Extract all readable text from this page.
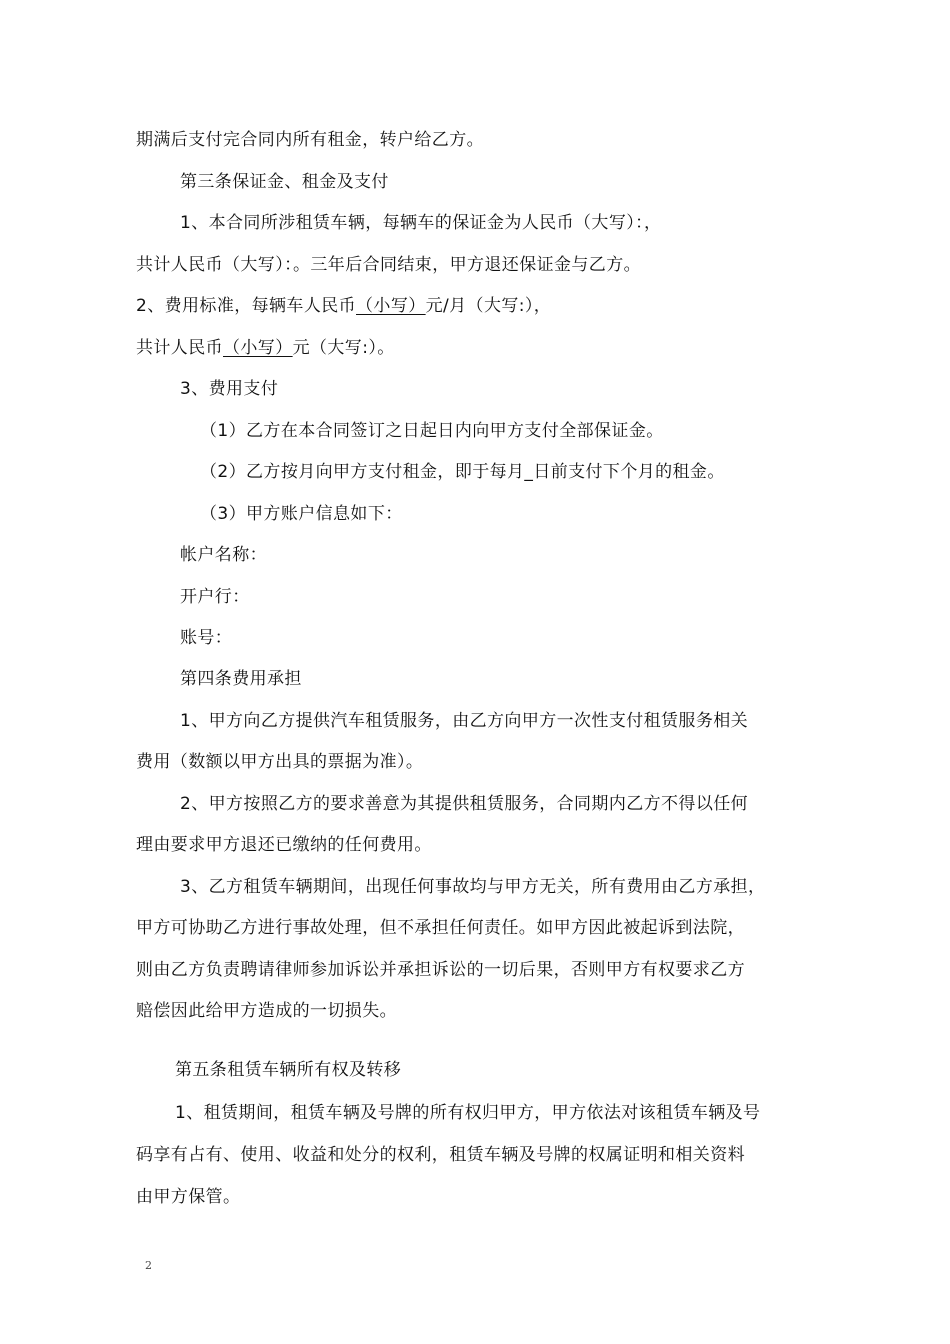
期满后支付完合同内所有租金，转户给乙方。
第三条保证金、租金及支付
1、本合同所涉租赁车辆，每辆车的保证金为人民币（大写）：，
共计人民币（大写）：。三年后合同结束，甲方退还保证金与乙方。
2、费用标准，每辆车人民币（小写）元/月（大写:），
共计人民币（小写）元（大写:）。
3、费用支付
（1）乙方在本合同签订之日起日内向甲方支付全部保证金。
（2）乙方按月向甲方支付租金，即于每月_日前支付下个月的租金。
（3）甲方账户信息如下：
帐户名称：
开户行：
账号：
第四条费用承担
1、甲方向乙方提供汽车租赁服务，由乙方向甲方一次性支付租赁服务相关
费用（数额以甲方出具的票据为准）。
2、甲方按照乙方的要求善意为其提供租赁服务，合同期内乙方不得以任何
理由要求甲方退还已缴纳的任何费用。
3、乙方租赁车辆期间，出现任何事故均与甲方无关，所有费用由乙方承担，
甲方可协助乙方进行事故处理，但不承担任何责任。如甲方因此被起诉到法院，
则由乙方负责聘请律师参加诉讼并承担诉讼的一切后果，否则甲方有权要求乙方
赔偿因此给甲方造成的一切损失。
第五条租赁车辆所有权及转移
1、租赁期间，租赁车辆及号牌的所有权归甲方，甲方依法对该租赁车辆及号
码享有占有、使用、收益和处分的权利，租赁车辆及号牌的权属证明和相关资料
由甲方保管。
2
